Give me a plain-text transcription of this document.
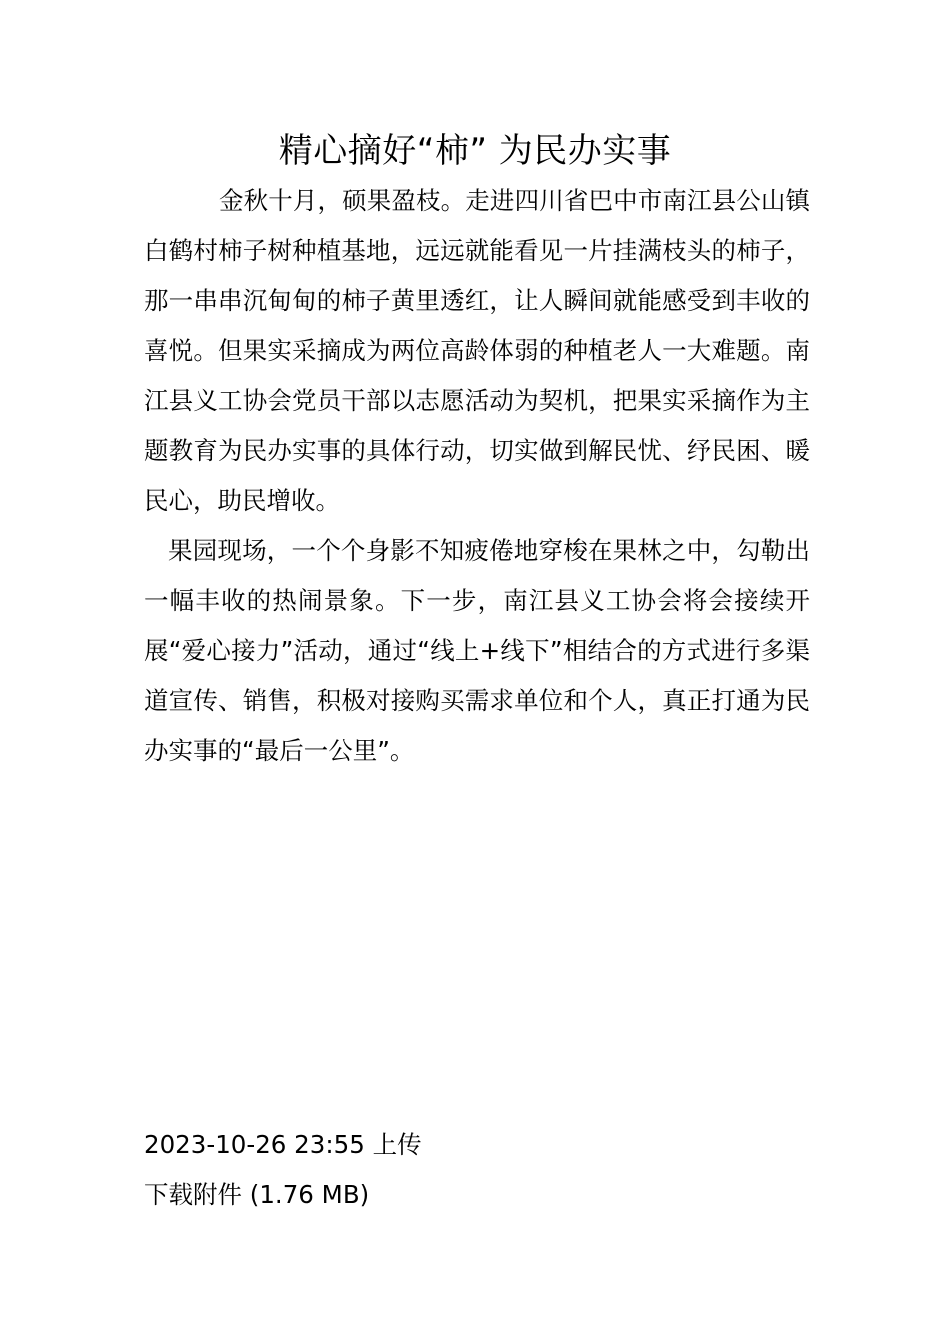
精心摘好“柿” 为民办实事

金秋十月，硕果盈枝。走进四川省巴中市南江县公山镇白鹤村柿子树种植基地，远远就能看见一片挂满枝头的柿子，那一串串沉甸甸的柿子黄里透红，让人瞬间就能感受到丰收的喜悦。但果实采摘成为两位高龄体弱的种植老人一大难题。南江县义工协会党员干部以志愿活动为契机，把果实采摘作为主题教育为民办实事的具体行动，切实做到解民忧、纾民困、暖民心，助民增收。

果园现场，一个个身影不知疲倦地穿梭在果林之中，勾勒出一幅丰收的热闹景象。下一步，南江县义工协会将会接续开展“爱心接力”活动，通过“线上+线下”相结合的方式进行多渠道宣传、销售，积极对接购买需求单位和个人，真正打通为民办实事的“最后一公里”。

2023-10-26 23:55 上传
下载附件 (1.76 MB)
